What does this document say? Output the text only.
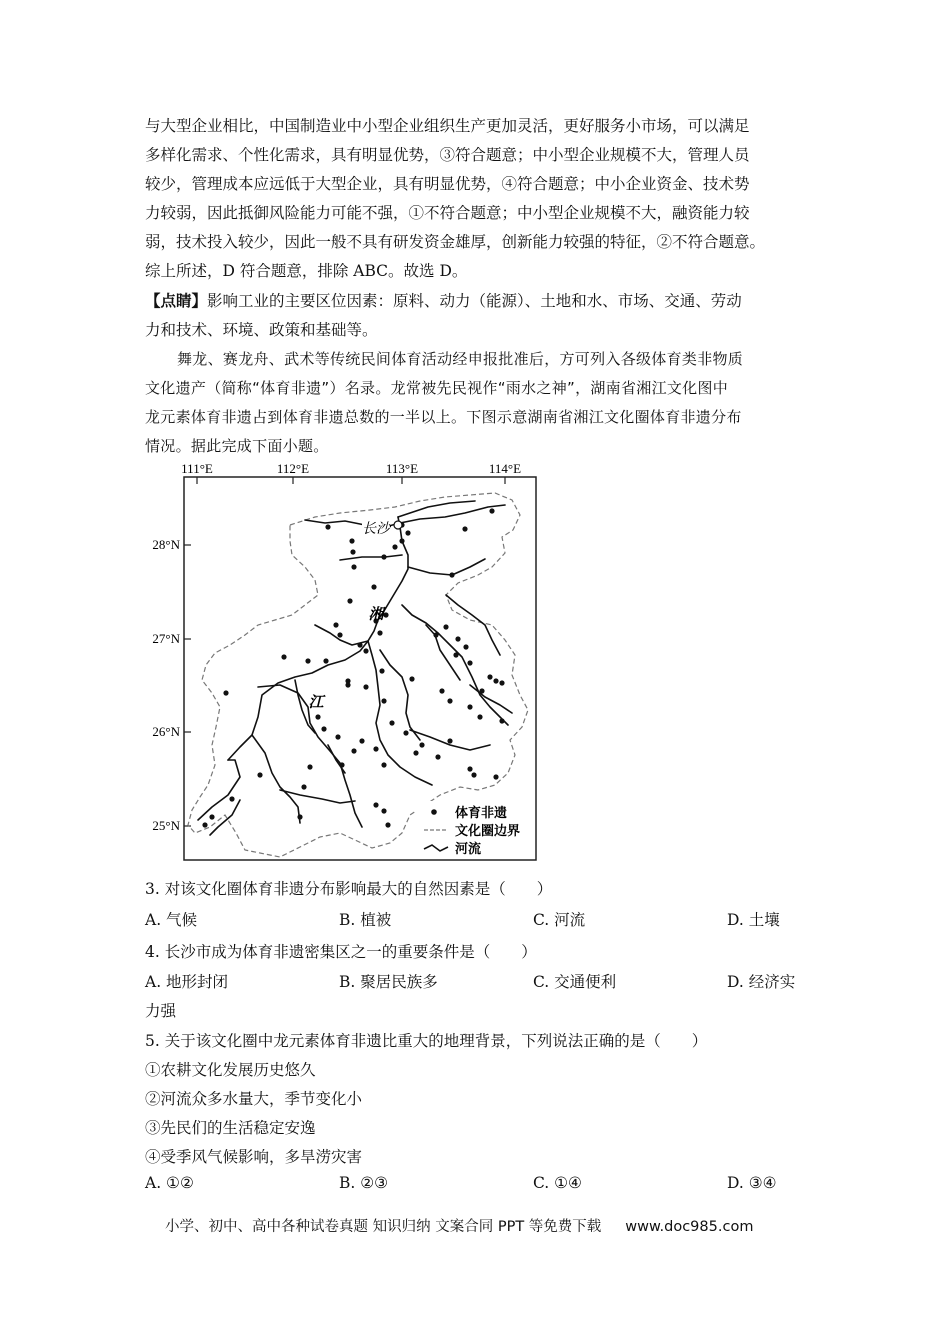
与大型企业相比，中国制造业中小型企业组织生产更加灵活，更好服务小市场，可以满足
多样化需求、个性化需求，具有明显优势，③符合题意；中小型企业规模不大，管理人员
较少，管理成本应远低于大型企业，具有明显优势，④符合题意；中小企业资金、技术势
力较弱，因此抵御风险能力可能不强，①不符合题意；中小型企业规模不大，融资能力较
弱，技术投入较少，因此一般不具有研发资金雄厚，创新能力较强的特征，②不符合题意。
综上所述，D 符合题意，排除 ABC。故选 D。
【点睛】影响工业的主要区位因素：原料、动力（能源）、土地和水、市场、交通、劳动
力和技术、环境、政策和基础等。
舞龙、赛龙舟、武术等传统民间体育活动经申报批准后，方可列入各级体育类非物质
文化遗产（简称“体育非遗”）名录。龙常被先民视作“雨水之神”，湖南省湘江文化图中
龙元素体育非遗占到体育非遗总数的一半以上。下图示意湖南省湘江文化圈体育非遗分布
情况。据此完成下面小题。
111°E	112°E	113°E	114°E
28°N
27°N
26°N
25°N
长沙
湘
江
体育非遗
文化圈边界
河流
3. 对该文化圈体育非遗分布影响最大的自然因素是（　　）
A. 气候	B. 植被	C. 河流	D. 土壤
4. 长沙市成为体育非遗密集区之一的重要条件是（　　）
A. 地形封闭	B. 聚居民族多	C. 交通便利	D. 经济实
力强
5. 关于该文化圈中龙元素体育非遗比重大的地理背景，下列说法正确的是（　　）
①农耕文化发展历史悠久
②河流众多水量大，季节变化小
③先民们的生活稳定安逸
④受季风气候影响，多旱涝灾害
A. ①②	B. ②③	C. ①④	D. ③④
小学、初中、高中各种试卷真题 知识归纳 文案合同 PPT 等免费下载 www.doc985.com
